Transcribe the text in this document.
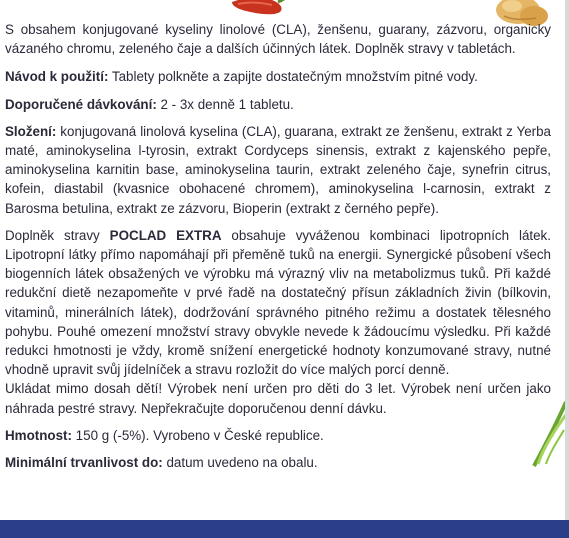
S obsahem konjugované kyseliny linolové (CLA), ženšenu, guarany, zázvoru, organicky vázaného chromu, zeleného čaje a dalších účinných látek. Doplněk stravy v tabletách.

Návod k použití: Tablety polkněte a zapijte dostatečným množstvím pitné vody.

Doporučené dávkování: 2 - 3x denně 1 tabletu.

Složení: konjugovaná linolová kyselina (CLA), guarana, extrakt ze ženšenu, extrakt z Yerba maté, aminokyselina l-tyrosin, extrakt Cordyceps sinensis, extrakt z kajenského pepře, aminokyselina karnitin base, aminokyselina taurin, extrakt zeleného čaje, synefrin citrus, kofein, diastabil (kvasnice obohacené chromem), aminokyselina l-carnosin, extrakt z Barosma betulina, extrakt ze zázvoru, Bioperin (extrakt z černého pepře).

Doplněk stravy POCLAD EXTRA obsahuje vyváženou kombinaci lipotropních látek. Lipotropní látky přímo napomáhají při přeměně tuků na energii. Synergické působení všech biogenních látek obsažených ve výrobku má výrazný vliv na metabolizmus tuků. Při každé redukční dietě nezapomeňte v prvé řadě na dostatečný přísun základních živin (bílkovin, vitaminů, minerálních látek), dodržování správného pitného režimu a dostatek tělesného pohybu. Pouhé omezení množství stravy obvykle nevede k žádoucímu výsledku. Při každé redukci hmotnosti je vždy, kromě snížení energetické hodnoty konzumované stravy, nutné vhodně upravit svůj jídelníček a stravu rozložit do více malých porcí denně.

Ukládat mimo dosah dětí! Výrobek není určen pro děti do 3 let. Výrobek není určen jako náhrada pestré stravy. Nepřekračujte doporučenou denní dávku.

Hmotnost: 150 g (-5%). Vyrobeno v České republice.

Minimální trvanlivost do: datum uvedeno na obalu.
